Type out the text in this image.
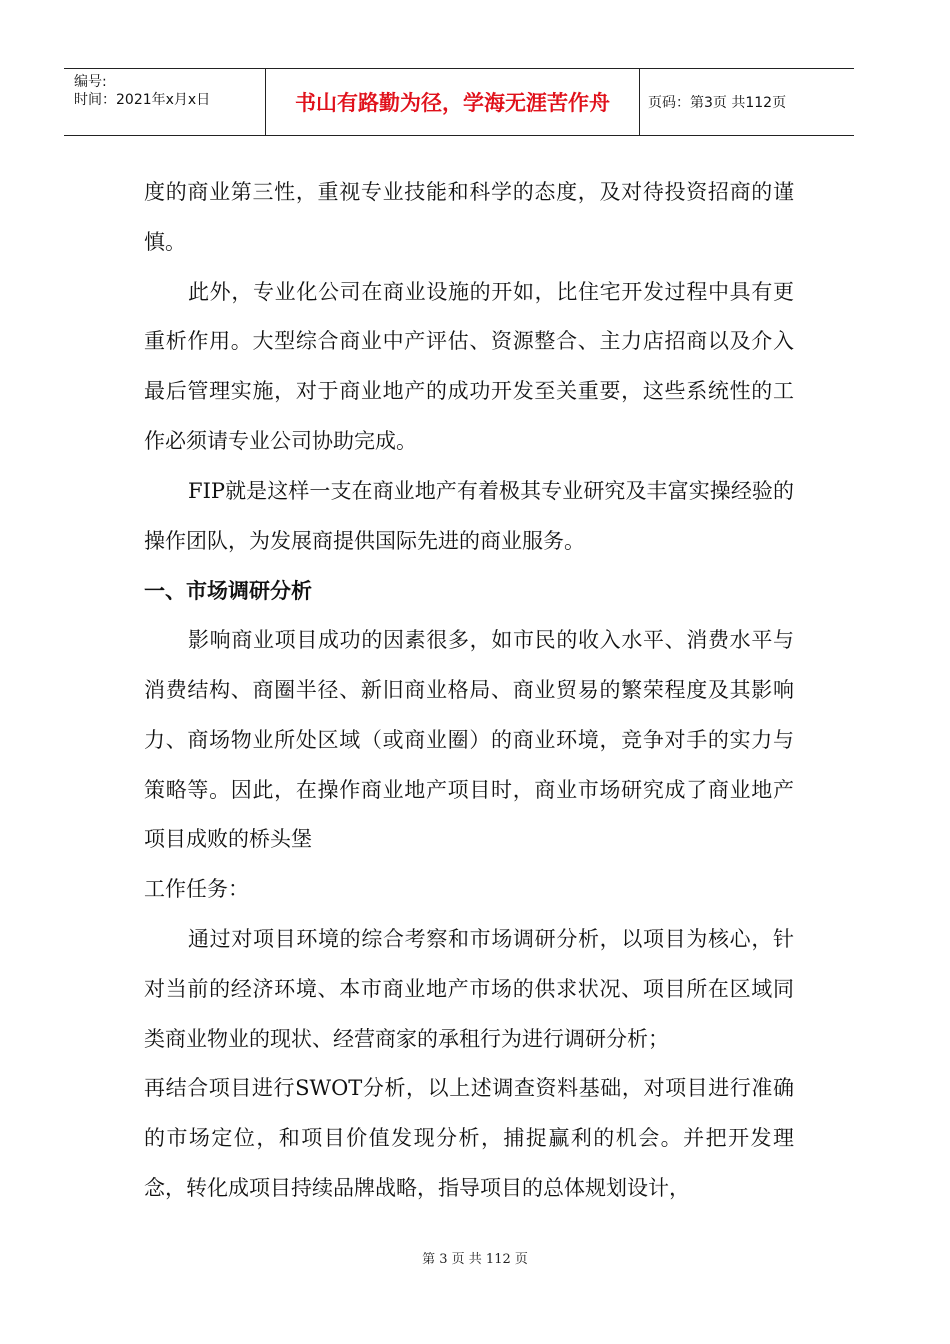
编号:
时间：2021年x月x日	书山有路勤为径，学海无涯苦作舟	页码：第3页 共112页

度的商业第三性，重视专业技能和科学的态度，及对待投资招商的谨慎。

此外，专业化公司在商业设施的开如，比住宅开发过程中具有更重析作用。大型综合商业中产评估、资源整合、主力店招商以及介入最后管理实施，对于商业地产的成功开发至关重要，这些系统性的工作必须请专业公司协助完成。

FIP就是这样一支在商业地产有着极其专业研究及丰富实操经验的操作团队，为发展商提供国际先进的商业服务。

一、市场调研分析

影响商业项目成功的因素很多，如市民的收入水平、消费水平与消费结构、商圈半径、新旧商业格局、商业贸易的繁荣程度及其影响力、商场物业所处区域（或商业圈）的商业环境，竞争对手的实力与策略等。因此，在操作商业地产项目时，商业市场研究成了商业地产项目成败的桥头堡

工作任务：

通过对项目环境的综合考察和市场调研分析，以项目为核心，针对当前的经济环境、本市商业地产市场的供求状况、项目所在区域同类商业物业的现状、经营商家的承租行为进行调研分析；

再结合项目进行SWOT分析，以上述调查资料基础，对项目进行准确的市场定位，和项目价值发现分析，捕捉赢利的机会。并把开发理念，转化成项目持续品牌战略，指导项目的总体规划设计，

第 3 页 共 112 页
